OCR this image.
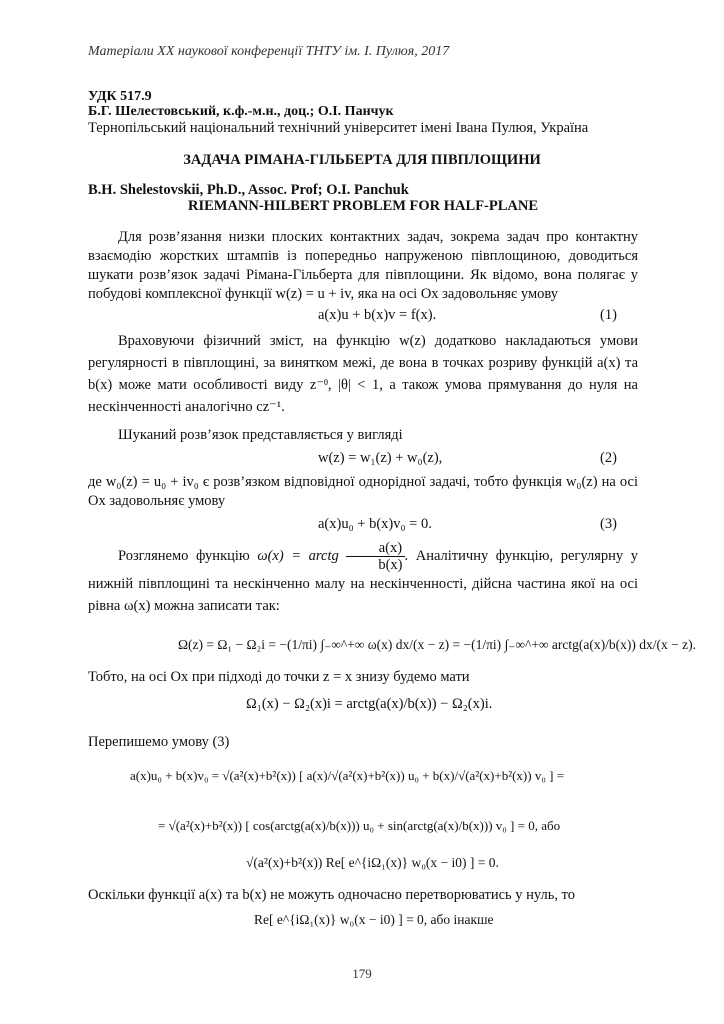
Матеріали ХХ наукової конференції ТНТУ ім. І. Пулюя, 2017
УДК 517.9
Б.Г. Шелестовський, к.ф.-м.н., доц.; О.І. Панчук
Тернопільський національний технічний університет імені Івана Пулюя, Україна
ЗАДАЧА РІМАНА-ГІЛЬБЕРТА ДЛЯ ПІВПЛОЩИНИ
B.H. Shelestovskii, Ph.D., Assoc. Prof; O.I. Panchuk
RIEMANN-HILBERT PROBLEM FOR HALF-PLANE

Для розв’язання низки плоских контактних задач, зокрема задач про контактну взаємодію жорстких штампів із попередньо напруженою півплощиною, доводиться шукати розв’язок задачі Рімана-Гільберта для півплощини. Як відомо, вона полягає у побудові комплексної функції w(z) = u + iv, яка на осі Ox задовольняє умову

a(x)u + b(x)v = f(x).	(1)

Враховуючи фізичний зміст, на функцію w(z) додатково накладаються умови регулярності в півплощині, за винятком межі, де вона в точках розриву функцій a(x) та b(x) може мати особливості виду z⁻ᶿ, |θ| < 1, а також умова прямування до нуля на нескінченності аналогічно cz⁻¹.

Шуканий розв’язок представляється у вигляді

w(z) = w₁(z) + w₀(z),	(2)

де w₀(z) = u₀ + iv₀ є розв’язком відповідної однорідної задачі, тобто функція w₀(z) на осі Ox задовольняє умову

a(x)u₀ + b(x)v₀ = 0.	(3)

Розглянемо функцію ω(x) = arctg $\frac{a(x)}{b(x)}$ . Аналітичну функцію, регулярну у нижній півплощині та нескінченно малу на нескінченності, дійсна частина якої на осі рівна ω(x) можна записати так:

Ω(z) = Ω₁ − Ω₂i = −(1/πi) ∫₋∞^+∞ ω(x) dx/(x − z) = −(1/πi) ∫₋∞^+∞ arctg(a(x)/b(x)) dx/(x − z).

Тобто, на осі Ox при підході до точки z = x знизу будемо мати

Ω₁(x) − Ω₂(x)i = arctg(a(x)/b(x)) − Ω₂(x)i.

Перепишемо умову (3)

a(x)u₀ + b(x)v₀ = √(a²(x)+b²(x)) [ a(x)/√(a²(x)+b²(x)) u₀ + b(x)/√(a²(x)+b²(x)) v₀ ] =
= √(a²(x)+b²(x)) [ cos(arctg(a(x)/b(x))) u₀ + sin(arctg(a(x)/b(x))) v₀ ] = 0, або
√(a²(x)+b²(x)) Re[ e^{iΩ₁(x)} w₀(x − i0) ] = 0.

Оскільки функції a(x) та b(x) не можуть одночасно перетворюватись у нуль, то

Re[ e^{iΩ₁(x)} w₀(x − i0) ] = 0, або інакше
179
